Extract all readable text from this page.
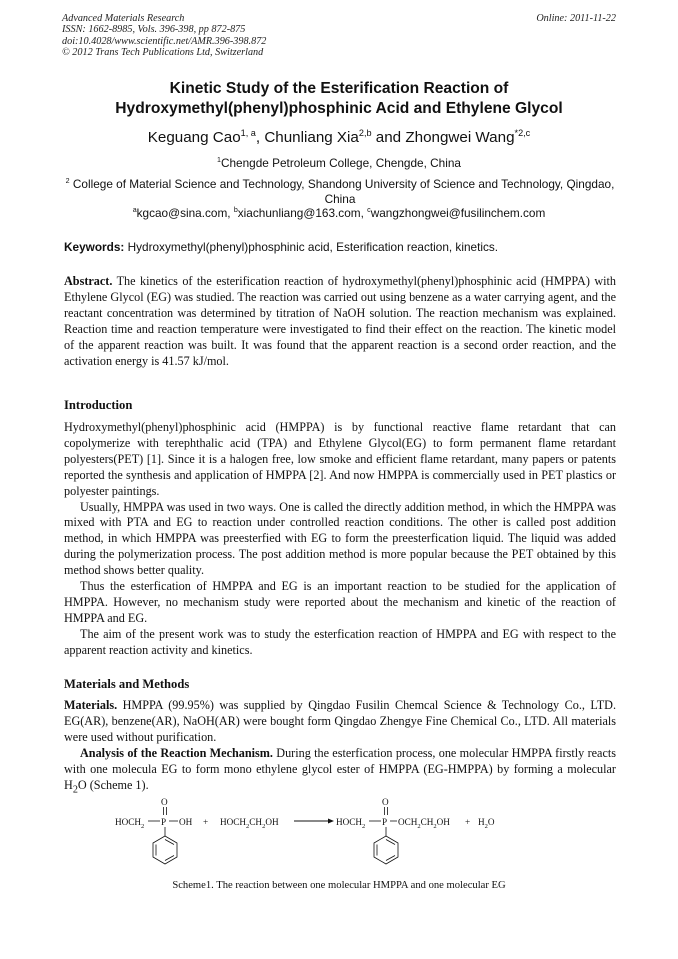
Advanced Materials Research
ISSN: 1662-8985, Vols. 396-398, pp 872-875
doi:10.4028/www.scientific.net/AMR.396-398.872
© 2012 Trans Tech Publications Ltd, Switzerland
Online: 2011-11-22
Kinetic Study of the Esterification Reaction of
Hydroxymethyl(phenyl)phosphinic Acid and Ethylene Glycol
Keguang Cao$^{1, a}$, Chunliang Xia$^{2,b}$ and Zhongwei Wang$^{*2,c}$
$^1$Chengde Petroleum College, Chengde, China
$^2$ College of Material Science and Technology, Shandong University of Science and Technology, Qingdao, China
$^a$kgcao@sina.com, $^b$xiachunliang@163.com, $^c$wangzhongwei@fusilinchem.com
Keywords: Hydroxymethyl(phenyl)phosphinic acid, Esterification reaction, kinetics.

Abstract. The kinetics of the esterification reaction of hydroxymethyl(phenyl)phosphinic acid (HMPPA) with Ethylene Glycol (EG) was studied. The reaction was carried out using benzene as a water carrying agent, and the reactant concentration was determined by titration of NaOH solution. The reaction mechanism was explained. Reaction time and reaction temperature were investigated to find their effect on the reaction. The kinetic model of the apparent reaction was built. It was found that the apparent reaction is a second order reaction, and the activation energy is 41.57 kJ/mol.

Introduction

Hydroxymethyl(phenyl)phosphinic acid (HMPPA) is by functional reactive flame retardant that can copolymerize with terephthalic acid (TPA) and Ethylene Glycol(EG) to form permanent flame retardant polyesters(PET) [1]. Since it is a halogen free, low smoke and efficient flame retardant, many papers or patents reported the synthesis and application of HMPPA [2]. And now HMPPA is commercially used in PET plastics or polyester paintings.

Usually, HMPPA was used in two ways. One is called the directly addition method, in which the HMPPA was mixed with PTA and EG to reaction under controlled reaction conditions. The other is called post addition method, in which HMPPA was preesterfied with EG to form the preesterfication liquid. The liquid was added during the polymerization process. The post addition method is more popular because the PET obtained by this method shows better quality.

Thus the esterfication of HMPPA and EG is an important reaction to be studied for the application of HMPPA. However, no mechanism study were reported about the mechanism and kinetic of the reaction of HMPPA and EG.

The aim of the present work was to study the esterfication reaction of HMPPA and EG with respect to the apparent reaction activity and kinetics.

Materials and Methods

Materials. HMPPA (99.95%) was supplied by Qingdao Fusilin Chemcal Science & Technology Co., LTD. EG(AR), benzene(AR), NaOH(AR) were bought form Qingdao Zhengye Fine Chemical Co., LTD. All materials were used without purification.

Analysis of the Reaction Mechanism. During the esterfication process, one molecular HMPPA firstly reacts with one molecula EG to form mono ethylene glycol ester of HMPPA (EG-HMPPA) by forming a molecular $H_2O$ (Scheme 1).

$HOCH_2$ P
O
OH + $HOCH_2CH_2OH$	$HOCH_2$ P
O
$OCH_2CH_2OH + H_2O$
Scheme1. The reaction between one molecular HMPPA and one molecular EG
